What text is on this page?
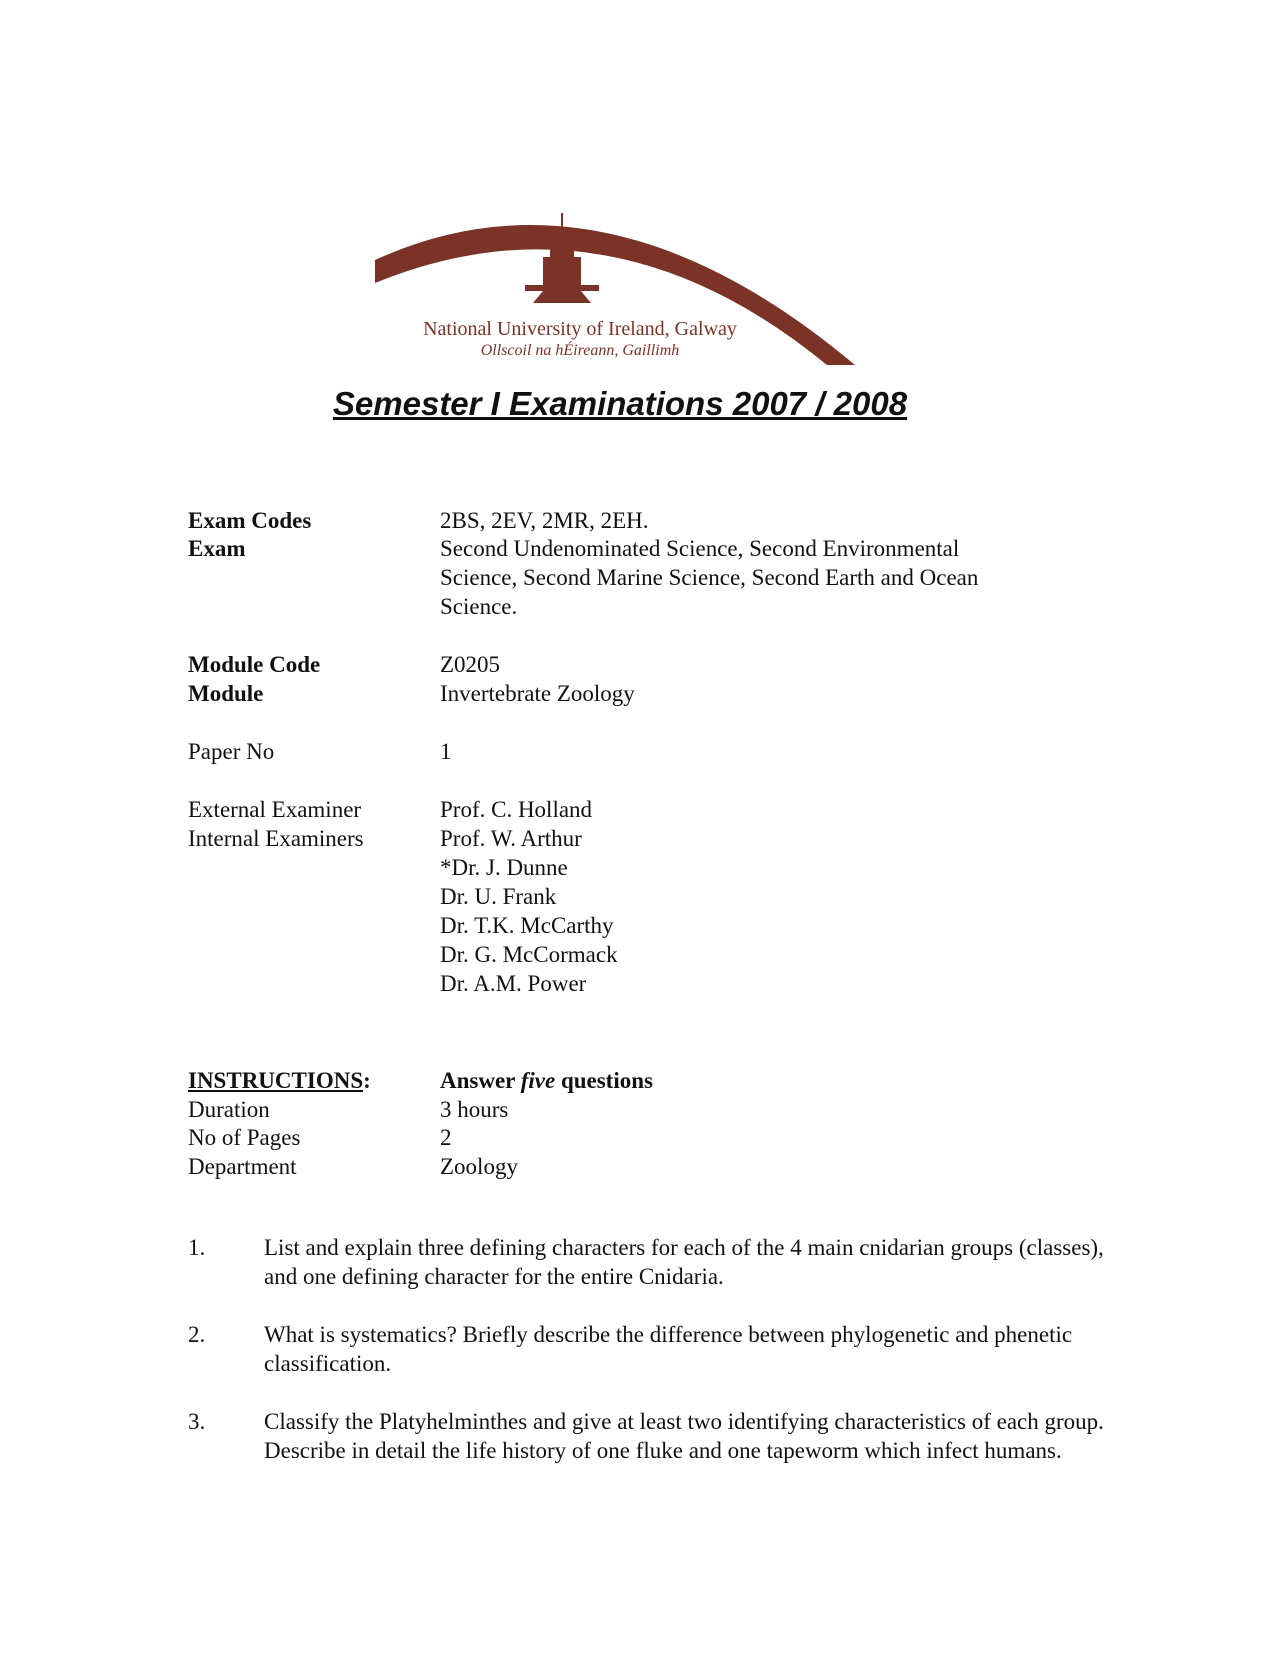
National University of Ireland, Galway
Ollscoil na hÉireann, Gaillimh
Semester I Examinations 2007 / 2008
Exam Codes	2BS, 2EV, 2MR, 2EH.
Exam	Second Undenominated Science, Second Environmental
Science, Second Marine Science, Second Earth and Ocean
Science.
Module Code	Z0205
Module	Invertebrate Zoology
Paper No	1
External Examiner	Prof. C. Holland
Internal Examiners	Prof. W. Arthur
*Dr. J. Dunne
Dr. U. Frank
Dr. T.K. McCarthy
Dr. G. McCormack
Dr. A.M. Power
INSTRUCTIONS:	Answer five questions
Duration	3 hours
No of Pages	2
Department	Zoology
1.	List and explain three defining characters for each of the 4 main cnidarian groups (classes), and one defining character for the entire Cnidaria.
2.	What is systematics? Briefly describe the difference between phylogenetic and phenetic classification.
3.	Classify the Platyhelminthes and give at least two identifying characteristics of each group. Describe in detail the life history of one fluke and one tapeworm which infect humans.
